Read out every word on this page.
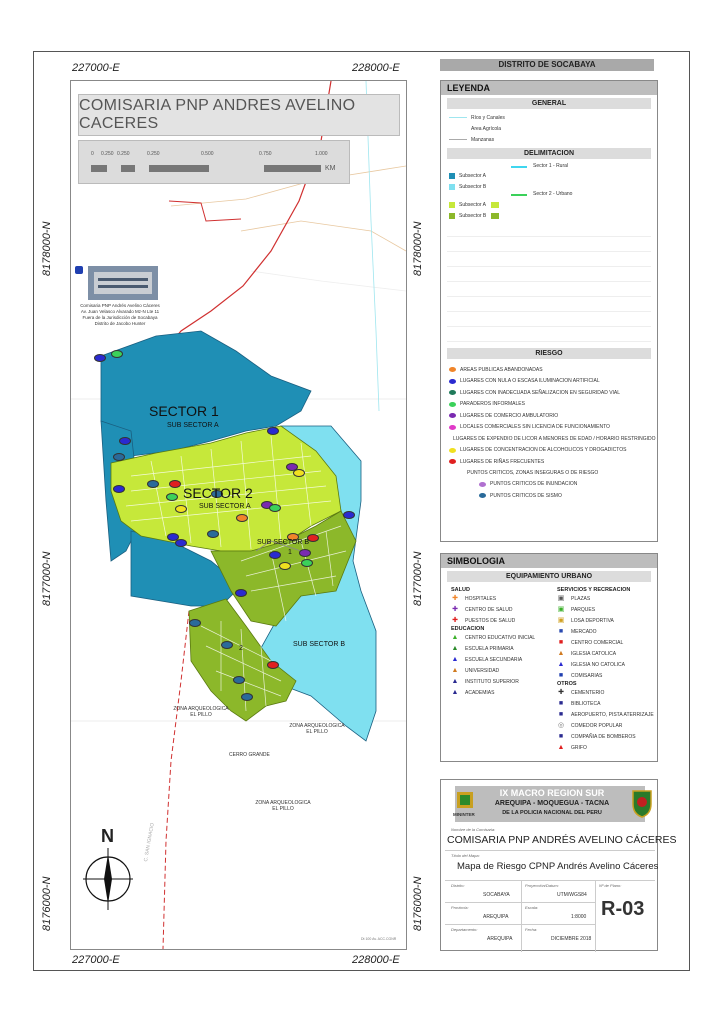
227000-E	228000-E
227000-E	228000-E
8178000-N
8177000-N
8176000-N
8178000-N
8177000-N
8176000-N
SECTOR 1
SUB SECTOR A
SECTOR 2
SUB SECTOR A
SUB SECTOR B
SUB SECTOR B
1
2
ZONA ARQUEOLOGICA
EL PILLO
ZONA ARQUEOLOGICA
EL PILLO
CERRO GRANDE
ZONA ARQUEOLOGICA
EL PILLO
C. SAN IGNACIO
Dt 100 Av. ACC.CGNR
N
COMISARIA PNP ANDRES AVELINO CACERES
0 0.250 0.250	0.250	0.500	0.750	1.000
KM
Comisaria PNP Andrés Avelino Cáceres
Av. Juan Velasco Alvarado Mz-N Lte 11
Fuera de la Jurisdicción de Socabaya
Distrito de Jacobo Hunter
DISTRITO DE SOCABAYA
LEYENDA
GENERAL
Ríos y Canales
Area Agrícola
Manzanas
DELIMITACION
Sector 1 - Rural
Subsector A
Subsector B
Sector 2 - Urbano
Subsector A
Subsector B
RIESGO
AREAS PUBLICAS ABANDONADAS
LUGARES CON NULA O ESCASA ILUMINACION ARTIFICIAL
LUGARES CON INADECUADA SEÑALIZACION EN SEGURIDAD VIAL
PARADEROS INFORMALES
LUGARES DE COMERCIO AMBULATORIO
LOCALES COMERCIALES SIN LICENCIA DE FUNCIONAMIENTO
LUGARES DE EXPENDIO DE LICOR A MENORES DE EDAD / HORARIO RESTRINGIDO
LUGARES DE CONCENTRACION DE ALCOHOLICOS Y DROGADICTOS
LUGARES DE RIÑAS FRECUENTES
PUNTOS CRITICOS, ZONAS INSEGURAS O DE RIESGO
PUNTOS CRITICOS DE INUNDACION
PUNTOS CRITICOS DE SISMO
SIMBOLOGIA
EQUIPAMIENTO URBANO
SALUD
✚ HOSPITALES
✚ CENTRO DE SALUD
✚ PUESTOS DE SALUD
EDUCACION
▲ CENTRO EDUCATIVO INICIAL
▲ ESCUELA PRIMARIA
▲ ESCUELA SECUNDARIA
▲ UNIVERSIDAD
▲ INSTITUTO SUPERIOR
▲ ACADEMIAS
SERVICIOS Y RECREACION
▣ PLAZAS
▣ PARQUES
▣ LOSA DEPORTIVA
■	MERCADO
■	CENTRO COMERCIAL
▲ IGLESIA CATOLICA
▲ IGLESIA NO CATOLICA
■	COMISARIAS
OTROS
✚ CEMENTERIO
■	BIBLIOTECA
■	AEROPUERTO, PISTA ATERRIZAJE
◎ COMEDOR POPULAR
■	COMPAÑIA DE BOMBEROS
▲ GRIFO
MININTER
IX MACRO REGION SUR
AREQUIPA - MOQUEGUA - TACNA
DE LA POLICIA NACIONAL DEL PERU
Nombre de la Comisaria:
COMISARIA PNP ANDRÉS AVELINO CÁCERES
Título del Mapa:
Mapa de Riesgo CPNP Andrés Avelino Cáceres
Distrito:
SOCABAYA
Proyección/Datum:
UTM/WGS84
Nº de Plano:
R-03
Provincia:
AREQUIPA
Escala:
1:8000
Departamento:
AREQUIPA
Fecha:
DICIEMBRE 2018
